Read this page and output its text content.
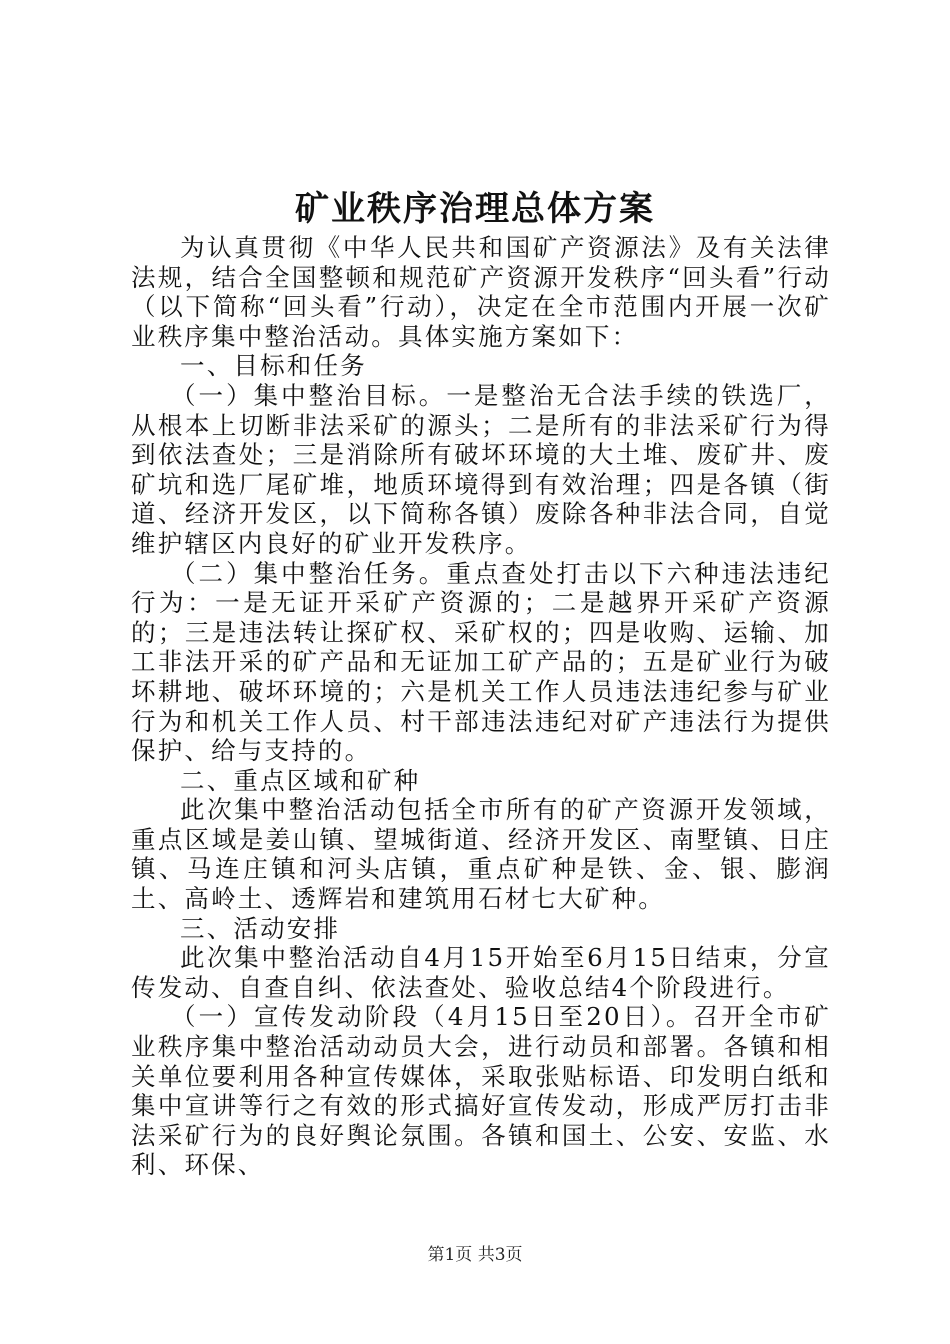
矿业秩序治理总体方案

为认真贯彻《中华人民共和国矿产资源法》及有关法律法规，结合全国整顿和规范矿产资源开发秩序“回头看”行动（以下简称“回头看”行动），决定在全市范围内开展一次矿业秩序集中整治活动。具体实施方案如下：

一、目标和任务

（一）集中整治目标。一是整治无合法手续的铁选厂，从根本上切断非法采矿的源头；二是所有的非法采矿行为得到依法查处；三是消除所有破坏环境的大土堆、废矿井、废矿坑和选厂尾矿堆，地质环境得到有效治理；四是各镇（街道、经济开发区，以下简称各镇）废除各种非法合同，自觉维护辖区内良好的矿业开发秩序。

（二）集中整治任务。重点查处打击以下六种违法违纪行为：一是无证开采矿产资源的；二是越界开采矿产资源的；三是违法转让探矿权、采矿权的；四是收购、运输、加工非法开采的矿产品和无证加工矿产品的；五是矿业行为破坏耕地、破坏环境的；六是机关工作人员违法违纪参与矿业行为和机关工作人员、村干部违法违纪对矿产违法行为提供保护、给与支持的。

二、重点区域和矿种

此次集中整治活动包括全市所有的矿产资源开发领域，重点区域是姜山镇、望城街道、经济开发区、南墅镇、日庄镇、马连庄镇和河头店镇，重点矿种是铁、金、银、膨润土、高岭土、透辉岩和建筑用石材七大矿种。

三、活动安排

此次集中整治活动自4月15开始至6月15日结束，分宣传发动、自查自纠、依法查处、验收总结4个阶段进行。

（一）宣传发动阶段（4月15日至20日）。召开全市矿业秩序集中整治活动动员大会，进行动员和部署。各镇和相关单位要利用各种宣传媒体，采取张贴标语、印发明白纸和集中宣讲等行之有效的形式搞好宣传发动，形成严厉打击非法采矿行为的良好舆论氛围。各镇和国土、公安、安监、水利、环保、

第1页 共3页
